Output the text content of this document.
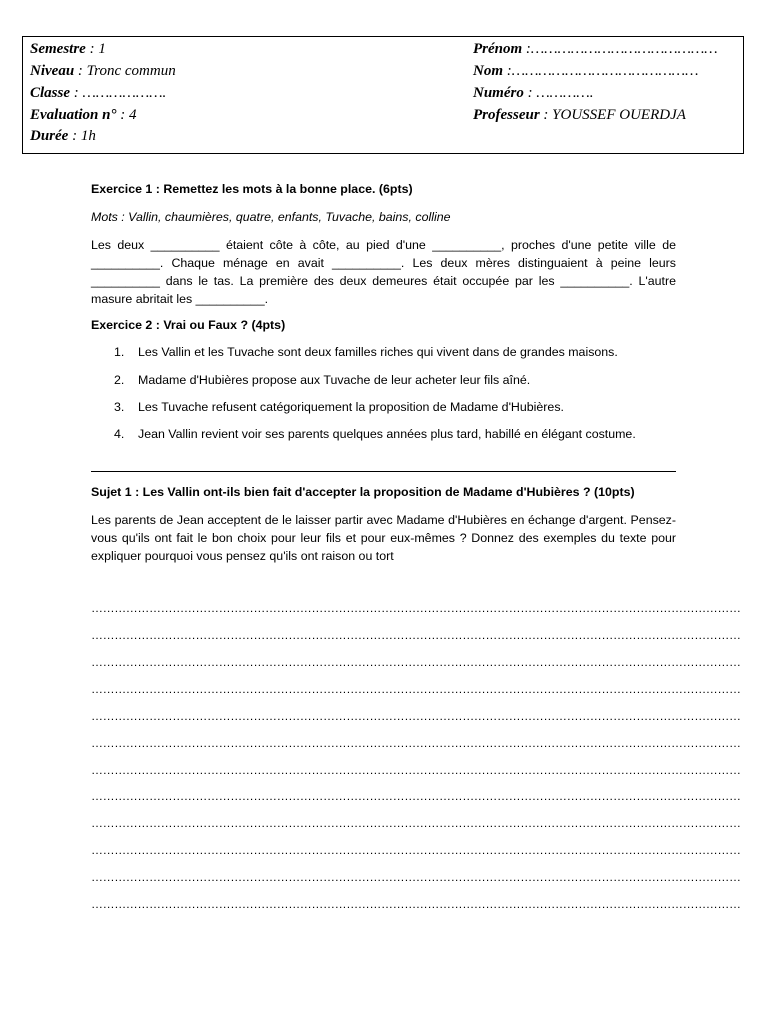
Semestre : 1
Niveau : Tronc commun
Classe : ……………….
Evaluation n° : 4
Durée : 1h
Prénom :……………………………………
Nom :……………………………………
Numéro : ………….
Professeur : YOUSSEF OUERDJA
Exercice 1 : Remettez les mots à la bonne place. (6pts)
Mots : Vallin, chaumières, quatre, enfants, Tuvache, bains, colline
Les deux __________ étaient côte à côte, au pied d'une __________, proches d'une petite ville de __________. Chaque ménage en avait __________. Les deux mères distinguaient à peine leurs __________ dans le tas. La première des deux demeures était occupée par les __________. L'autre masure abritait les __________.
Exercice 2 : Vrai ou Faux ? (4pts)
1. Les Vallin et les Tuvache sont deux familles riches qui vivent dans de grandes maisons.
2. Madame d'Hubières propose aux Tuvache de leur acheter leur fils aîné.
3. Les Tuvache refusent catégoriquement la proposition de Madame d'Hubières.
4. Jean Vallin revient voir ses parents quelques années plus tard, habillé en élégant costume.
Sujet 1 : Les Vallin ont-ils bien fait d'accepter la proposition de Madame d'Hubières ? (10pts)
Les parents de Jean acceptent de le laisser partir avec Madame d'Hubières en échange d'argent. Pensez-vous qu'ils ont fait le bon choix pour leur fils et pour eux-mêmes ? Donnez des exemples du texte pour expliquer pourquoi vous pensez qu'ils ont raison ou tort
……………………………………………………………………………………………………………………………………………………
……………………………………………………………………………………………………………………………………………………
……………………………………………………………………………………………………………………………………………………
……………………………………………………………………………………………………………………………………………………
……………………………………………………………………………………………………………………………………………………
……………………………………………………………………………………………………………………………………………………
……………………………………………………………………………………………………………………………………………………
……………………………………………………………………………………………………………………………………………………
……………………………………………………………………………………………………………………………………………………
……………………………………………………………………………………………………………………………………………………
……………………………………………………………………………………………………………………………………………………
……………………………………………………………………………………………………………………………………………………
